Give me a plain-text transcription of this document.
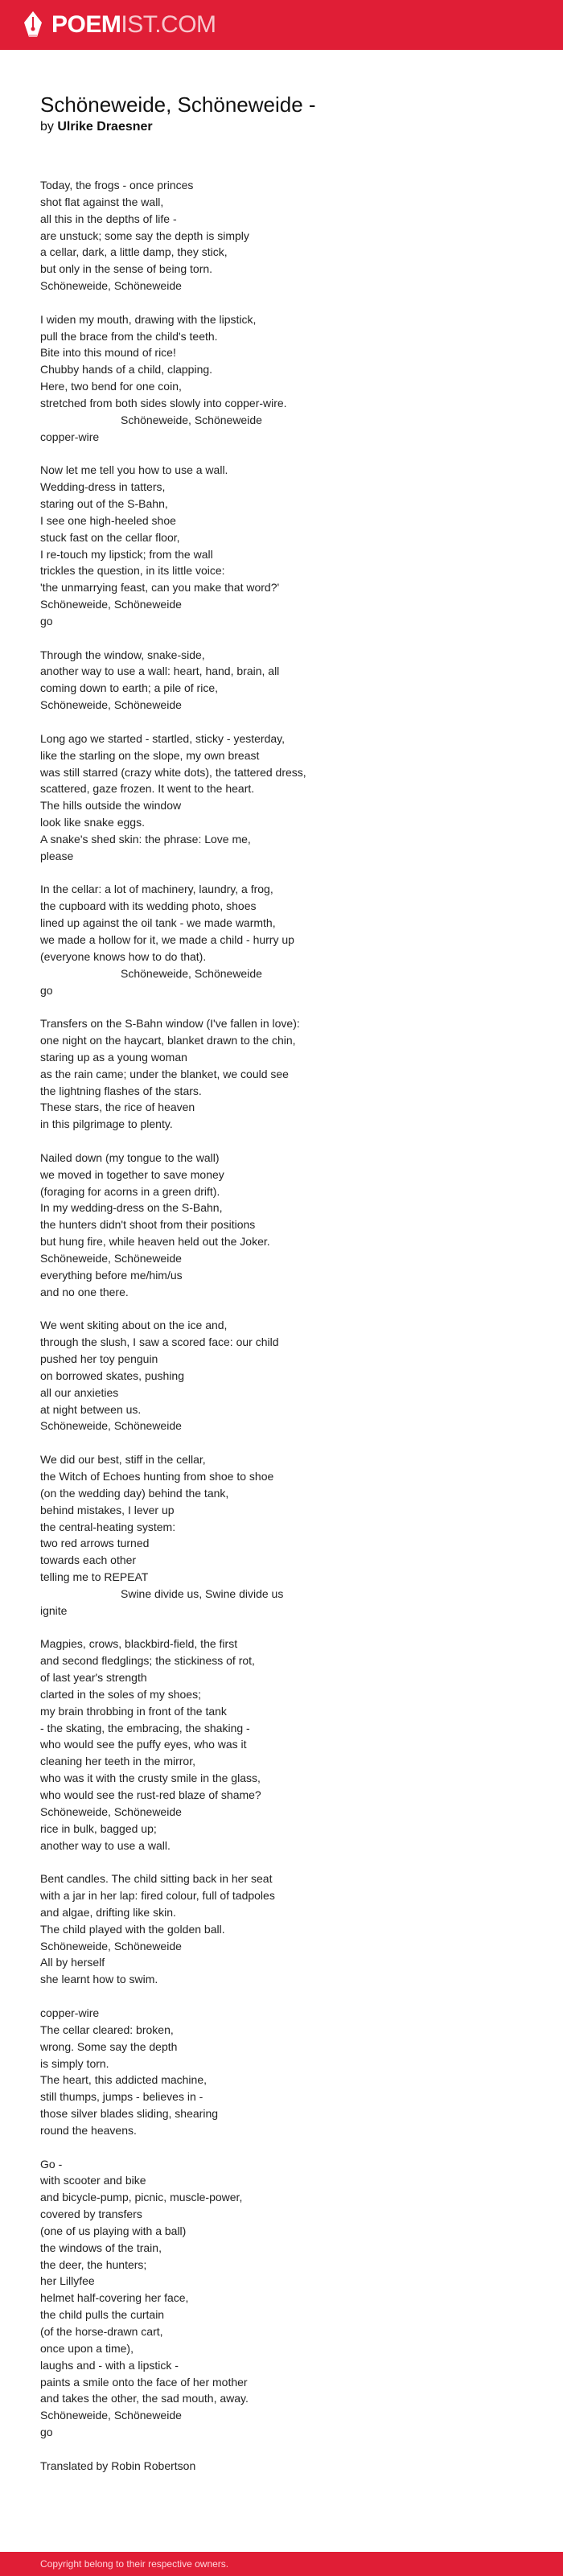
POEMIST.COM
Schöneweide, Schöneweide -
by Ulrike Draesner
Today, the frogs - once princes
shot flat against the wall,
all this in the depths of life -
are unstuck; some say the depth is simply
a cellar, dark, a little damp, they stick,
but only in the sense of being torn.
Schöneweide, Schöneweide
I widen my mouth, drawing with the lipstick,
pull the brace from the child's teeth.
Bite into this mound of rice!
Chubby hands of a child, clapping.
Here, two bend for one coin,
stretched from both sides slowly into copper-wire.
Schöneweide, Schöneweide
copper-wire
Now let me tell you how to use a wall.
Wedding-dress in tatters,
staring out of the S-Bahn,
I see one high-heeled shoe
stuck fast on the cellar floor,
I re-touch my lipstick; from the wall
trickles the question, in its little voice:
'the unmarrying feast, can you make that word?'
Schöneweide, Schöneweide
go
Through the window, snake-side,
another way to use a wall: heart, hand, brain, all
coming down to earth; a pile of rice,
Schöneweide, Schöneweide
Long ago we started - startled, sticky - yesterday,
like the starling on the slope, my own breast
was still starred (crazy white dots), the tattered dress,
scattered, gaze frozen. It went to the heart.
The hills outside the window
look like snake eggs.
A snake's shed skin: the phrase: Love me,
please
In the cellar: a lot of machinery, laundry, a frog,
the cupboard with its wedding photo, shoes
lined up against the oil tank - we made warmth,
we made a hollow for it, we made a child - hurry up
(everyone knows how to do that).
Schöneweide, Schöneweide
go
Transfers on the S-Bahn window (I've fallen in love):
one night on the haycart, blanket drawn to the chin,
staring up as a young woman
as the rain came; under the blanket, we could see
the lightning flashes of the stars.
These stars, the rice of heaven
in this pilgrimage to plenty.
Nailed down (my tongue to the wall)
we moved in together to save money
(foraging for acorns in a green drift).
In my wedding-dress on the S-Bahn,
the hunters didn't shoot from their positions
but hung fire, while heaven held out the Joker.
Schöneweide, Schöneweide
everything before me/him/us
and no one there.
We went skiting about on the ice and,
through the slush, I saw a scored face: our child
pushed her toy penguin
on borrowed skates, pushing
all our anxieties
at night between us.
Schöneweide, Schöneweide
We did our best, stiff in the cellar,
the Witch of Echoes hunting from shoe to shoe
(on the wedding day) behind the tank,
behind mistakes, I lever up
the central-heating system:
two red arrows turned
towards each other
telling me to REPEAT
Swine divide us, Swine divide us
ignite
Magpies, crows, blackbird-field, the first
and second fledglings; the stickiness of rot,
of last year's strength
clarted in the soles of my shoes;
my brain throbbing in front of the tank
- the skating, the embracing, the shaking -
who would see the puffy eyes, who was it
cleaning her teeth in the mirror,
who was it with the crusty smile in the glass,
who would see the rust-red blaze of shame?
Schöneweide, Schöneweide
rice in bulk, bagged up;
another way to use a wall.
Bent candles. The child sitting back in her seat
with a jar in her lap: fired colour, full of tadpoles
and algae, drifting like skin.
The child played with the golden ball.
Schöneweide, Schöneweide
All by herself
she learnt how to swim.
copper-wire
The cellar cleared: broken,
wrong. Some say the depth
is simply torn.
The heart, this addicted machine,
still thumps, jumps - believes in -
those silver blades sliding, shearing
round the heavens.
Go -
with scooter and bike
and bicycle-pump, picnic, muscle-power,
covered by transfers
(one of us playing with a ball)
the windows of the train,
the deer, the hunters;
her Lillyfee
helmet half-covering her face,
the child pulls the curtain
(of the horse-drawn cart,
once upon a time),
laughs and - with a lipstick -
paints a smile onto the face of her mother
and takes the other, the sad mouth, away.
Schöneweide, Schöneweide
go
Translated by Robin Robertson
Copyright belong to their respective owners.
